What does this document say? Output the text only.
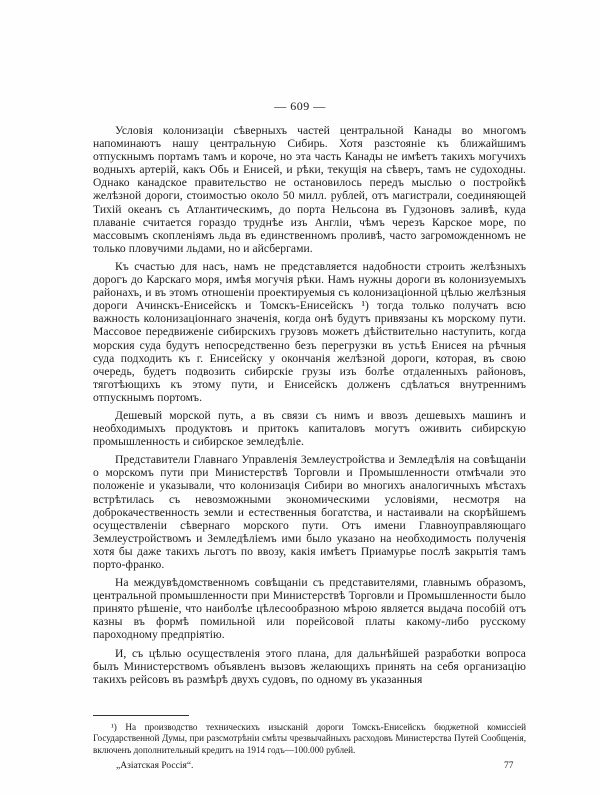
— 609 —

Условія колонизаціи сѣверныхъ частей центральной Канады во многомъ напоминаютъ нашу центральную Сибирь. Хотя разстояніе къ ближайшимъ отпускнымъ портамъ тамъ и короче, но эта часть Канады не имѣетъ такихъ могучихъ водныхъ артерій, какъ Обь и Енисей, и рѣки, текущія на сѣверъ, тамъ не судоходны. Однако канадское правительство не остановилось передъ мыслью о постройкѣ желѣзной дороги, стоимостью около 50 милл. рублей, отъ магистрали, соединяющей Тихій океанъ съ Атлантическимъ, до порта Нельсона въ Гудзоновъ заливѣ, куда плаваніе считается гораздо труднѣе изъ Англіи, чѣмъ черезъ Карское море, по массовымъ скопленіямъ льда въ единственномъ проливѣ, часто загроможденномъ не только пловучими льдами, но и айсбергами.

Къ счастью для насъ, намъ не представляется надобности строить желѣзныхъ дорогъ до Карскаго моря, имѣя могучія рѣки. Намъ нужны дороги въ колонизуемыхъ районахъ, и въ этомъ отношеніи проектируемыя съ колонизаціонной цѣлью желѣзныя дороги Ачинскъ-Енисейскъ и Томскъ-Енисейскъ ¹) тогда только получатъ всю важность колонизаціоннаго значенія, когда онѣ будутъ привязаны къ морскому пути. Массовое передвиженіе сибирскихъ грузовъ можетъ дѣйствительно наступить, когда морския суда будутъ непосредственно безъ перегрузки въ устьѣ Енисея на рѣчныя суда подходить къ г. Енисейску у окончанія желѣзной дороги, которая, въ свою очередь, будетъ подвозить сибирскіе грузы изъ болѣе отдаленныхъ районовъ, тяготѣющихъ къ этому пути, и Енисейскъ долженъ сдѣлаться внутреннимъ отпускнымъ портомъ.

Дешевый морской путь, а въ связи съ нимъ и ввозъ дешевыхъ машинъ и необходимыхъ продуктовъ и притокъ капиталовъ могутъ оживить сибирскую промышленность и сибирское земледѣліе.

Представители Главнаго Управленія Землеустройства и Земледѣлія на совѣщаніи о морскомъ пути при Министерствѣ Торговли и Промышленности отмѣчали это положеніе и указывали, что колонизація Сибири во многихъ аналогичныхъ мѣстахъ встрѣтилась съ невозможными экономическими условіями, несмотря на доброкачественность земли и естественныя богатства, и настаивали на скорѣйшемъ осуществленіи сѣвернаго морского пути. Отъ имени Главноуправляющаго Землеустройствомъ и Земледѣліемъ ими было указано на необходимость полученія хотя бы даже такихъ льготъ по ввозу, какія имѣетъ Приамурье послѣ закрытія тамъ порто-франко.

На междувѣдомственномъ совѣщаніи съ представителями, главнымъ образомъ, центральной промышленности при Министерствѣ Торговли и Промышленности было принято рѣшеніе, что наиболѣе цѣлесообразною мѣрою является выдача пособій отъ казны въ формѣ помильной или порейсовой платы какому-либо русскому пароходному предпріятію.

И, съ цѣлью осуществленія этого плана, для дальнѣйшей разработки вопроса былъ Министерствомъ объявленъ вызовъ желающихъ принять на себя организацію такихъ рейсовъ въ размѣрѣ двухъ судовъ, по одному въ указанныя

¹) На производство техническихъ изысканій дороги Томскъ-Енисейскъ бюджетной комиссіей Государственной Думы, при разсмотрѣніи смѣты чрезвычайныхъ расходовъ Министерства Путей Сообщенія, включенъ дополнительный кредитъ на 1914 годъ—100.000 рублей.

„Азіатская Россія“.	77
